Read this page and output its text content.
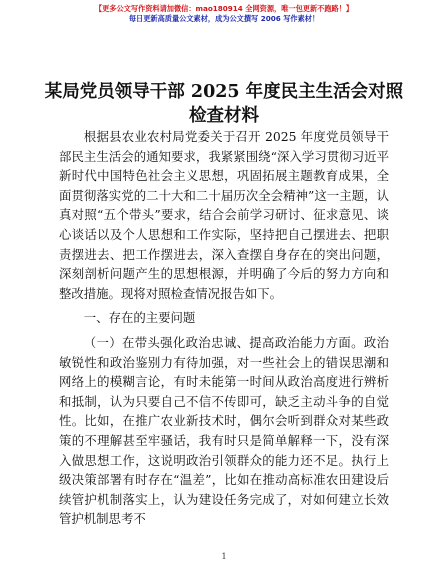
【更多公文写作资料请加微信：mao180914 全网资源，唯一包更新不跑路！】
每日更新高质量公文素材，成为公文撰写 2006 写作素材！
某局党员领导干部 2025 年度民主生活会对照检查材料

根据县农业农村局党委关于召开 2025 年度党员领导干部民主生活会的通知要求，我紧紧围绕“深入学习贯彻习近平新时代中国特色社会主义思想，巩固拓展主题教育成果，全面贯彻落实党的二十大和二十届历次全会精神”这一主题，认真对照“五个带头”要求，结合会前学习研讨、征求意见、谈心谈话以及个人思想和工作实际，坚持把自己摆进去、把职责摆进去、把工作摆进去，深入查摆自身存在的突出问题，深刻剖析问题产生的思想根源，并明确了今后的努力方向和整改措施。现将对照检查情况报告如下。

一、存在的主要问题

（一）在带头强化政治忠诚、提高政治能力方面。政治敏锐性和政治鉴别力有待加强，对一些社会上的错误思潮和网络上的模糊言论，有时未能第一时间从政治高度进行辨析和抵制，认为只要自己不信不传即可，缺乏主动斗争的自觉性。比如，在推广农业新技术时，偶尔会听到群众对某些政策的不理解甚至牢骚话，我有时只是简单解释一下，没有深入做思想工作，这说明政治引领群众的能力还不足。执行上级决策部署有时存在“温差”，比如在推动高标准农田建设后续管护机制落实上，认为建设任务完成了，对如何建立长效管护机制思考不

1
